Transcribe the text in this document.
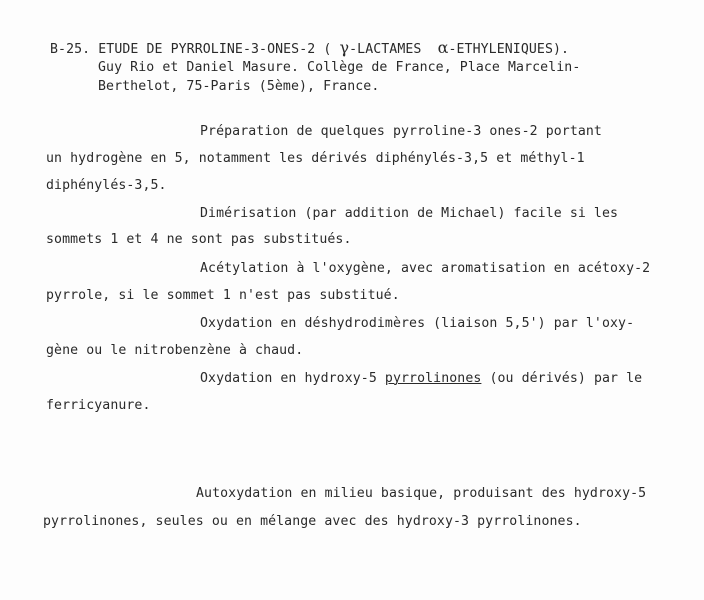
B-25. ETUDE DE PYRROLINE-3-ONES-2 ( γ-LACTAMES α-ETHYLENIQUES).
Guy Rio et Daniel Masure. Collège de France, Place Marcelin-
Berthelot, 75-Paris (5ème), France.
Préparation de quelques pyrroline-3 ones-2 portant
un hydrogène en 5, notamment les dérivés diphénylés-3,5 et méthyl-1
diphénylés-3,5.
Dimérisation (par addition de Michael) facile si les
sommets 1 et 4 ne sont pas substitués.
Acétylation à l'oxygène, avec aromatisation en acétoxy-2
pyrrole, si le sommet 1 n'est pas substitué.
Oxydation en déshydrodimères (liaison 5,5') par l'oxy-
gène ou le nitrobenzène à chaud.
Oxydation en hydroxy-5 pyrrolinones (ou dérivés) par le
ferricyanure.
Autoxydation en milieu basique, produisant des hydroxy-5
pyrrolinones, seules ou en mélange avec des hydroxy-3 pyrrolinones.
